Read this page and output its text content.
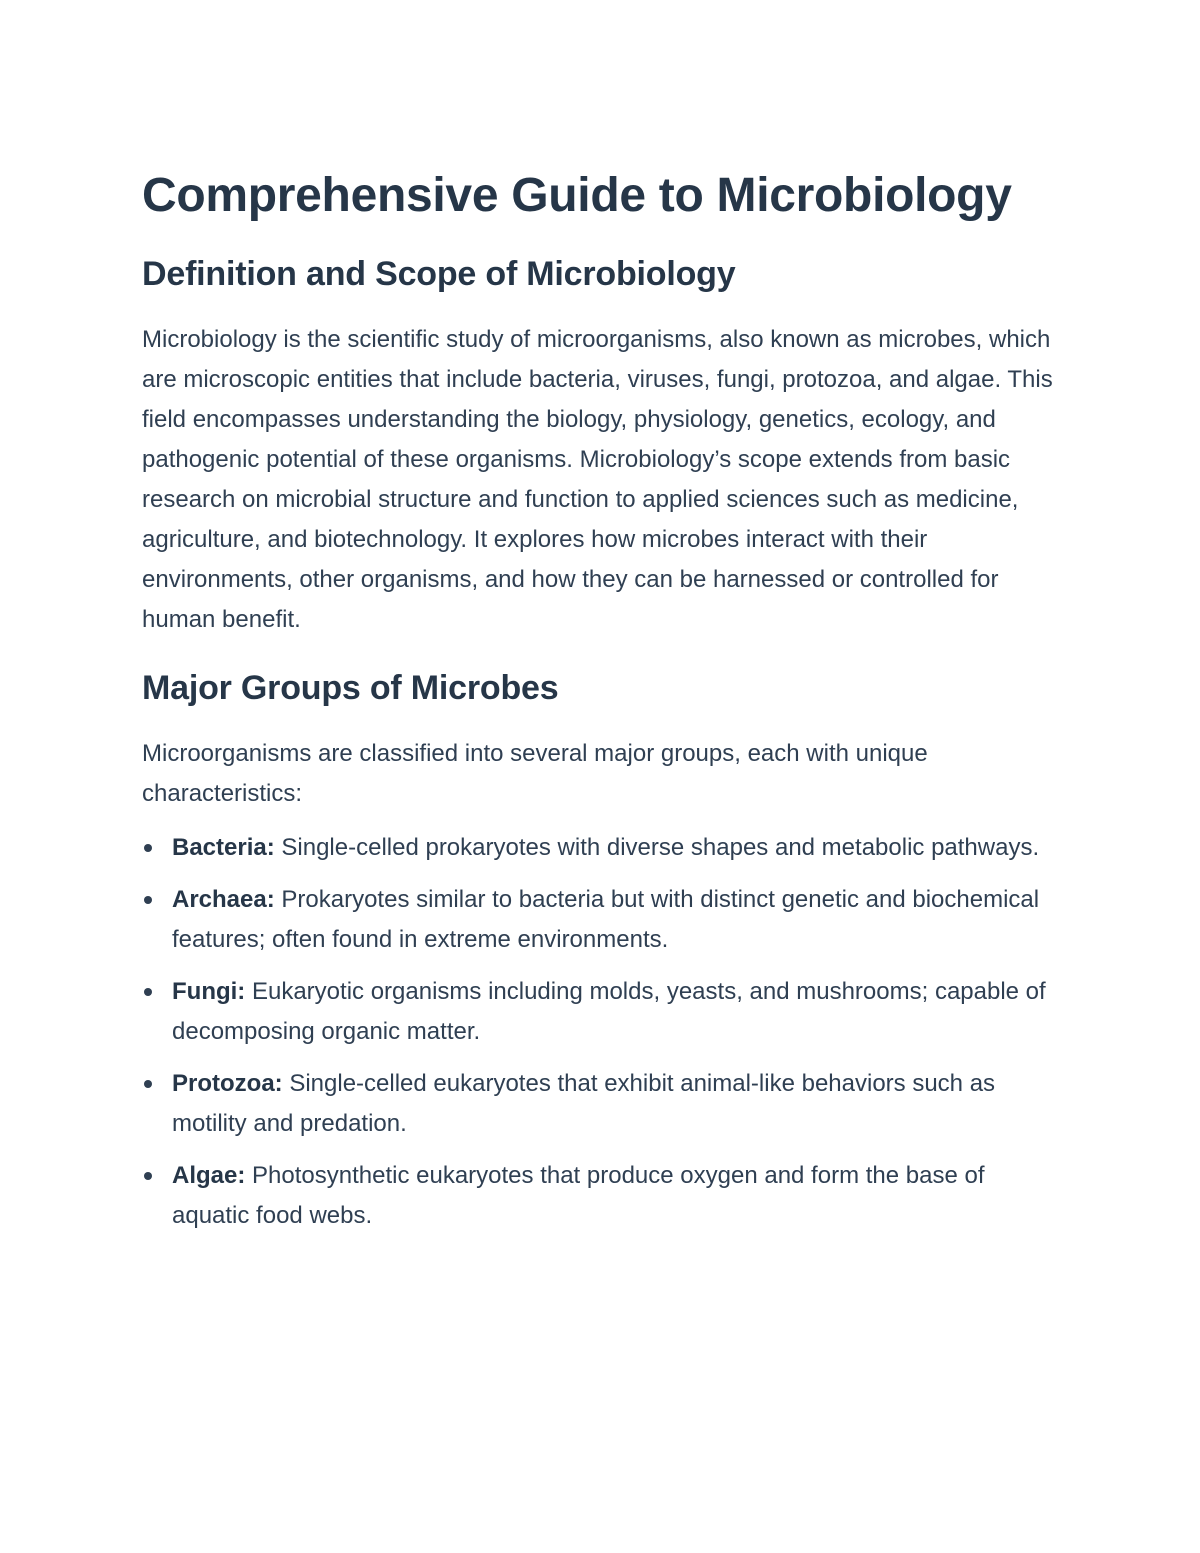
Comprehensive Guide to Microbiology
Definition and Scope of Microbiology

Microbiology is the scientific study of microorganisms, also known as microbes, which are microscopic entities that include bacteria, viruses, fungi, protozoa, and algae. This field encompasses understanding the biology, physiology, genetics, ecology, and pathogenic potential of these organisms. Microbiology’s scope extends from basic research on microbial structure and function to applied sciences such as medicine, agriculture, and biotechnology. It explores how microbes interact with their environments, other organisms, and how they can be harnessed or controlled for human benefit.

Major Groups of Microbes

Microorganisms are classified into several major groups, each with unique characteristics:

Bacteria: Single-celled prokaryotes with diverse shapes and metabolic pathways.
Archaea: Prokaryotes similar to bacteria but with distinct genetic and biochemical features; often found in extreme environments.
Fungi: Eukaryotic organisms including molds, yeasts, and mushrooms; capable of decomposing organic matter.
Protozoa: Single-celled eukaryotes that exhibit animal-like behaviors such as motility and predation.
Algae: Photosynthetic eukaryotes that produce oxygen and form the base of aquatic food webs.
